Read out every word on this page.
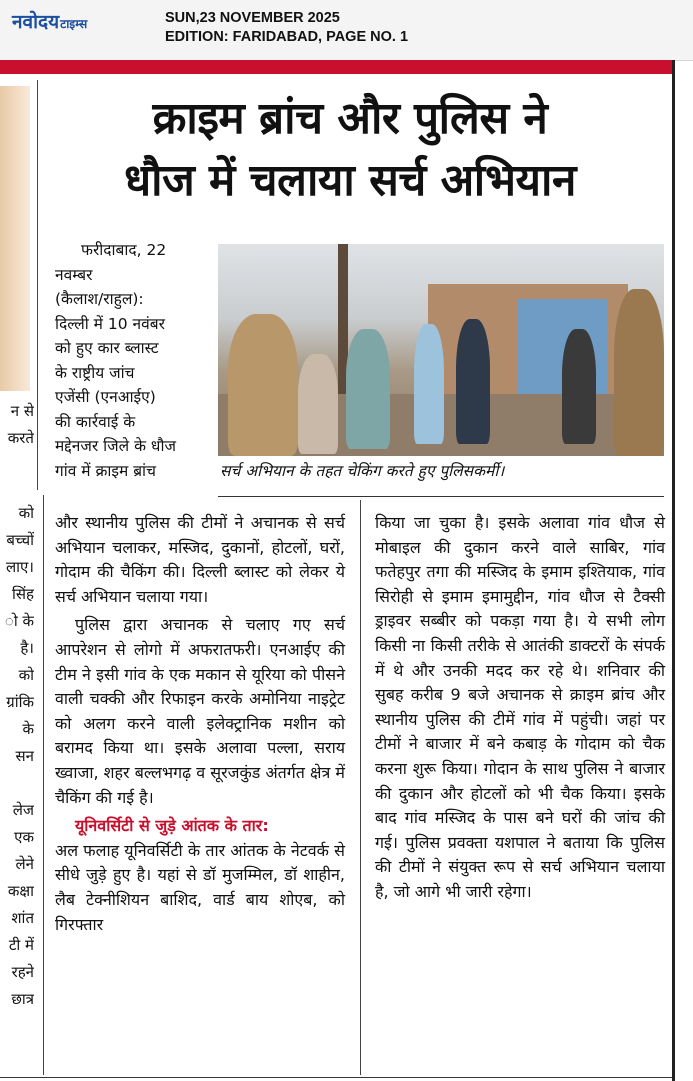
नवोदयटाइम्स	SUN,23 NOVEMBER 2025
EDITION: FARIDABAD, PAGE NO. 1
न से
करते
को
बच्चों
लाए।
सिंह
ो के
है।
को
ग्रांकि
के
सन
लेज
एक
लेने
कक्षा
शांत
टी में
रहने
छात्र
क्राइम ब्रांच और पुलिस ने
धौज में चलाया सर्च अभियान

फरीदाबाद, 22

नवम्बर

(कैलाश/राहुल):

दिल्ली में 10 नवंबर

को हुए कार ब्लास्ट

के राष्ट्रीय जांच

एजेंसी (एनआईए)

की कार्रवाई के

मद्देनजर जिले के धौज

गांव में क्राइम ब्रांच	सर्च अभियान के तहत चेकिंग करते हुए पुलिसकर्मी।

और स्थानीय पुलिस की टीमों ने अचानक से सर्च अभियान चलाकर, मस्जिद, दुकानों, होटलों, घरों, गोदाम की चैकिंग की। दिल्ली ब्लास्ट को लेकर ये सर्च अभियान चलाया गया।

पुलिस द्वारा अचानक से चलाए गए सर्च आपरेशन से लोगो में अफरातफरी। एनआईए की टीम ने इसी गांव के एक मकान से यूरिया को पीसने वाली चक्की और रिफाइन करके अमोनिया नाइट्रेट को अलग करने वाली इलेक्ट्रानिक मशीन को बरामद किया था। इसके अलावा पल्ला, सराय ख्वाजा, शहर बल्लभगढ़ व सूरजकुंड अंतर्गत क्षेत्र में चैकिंग की गई है।

यूनिवर्सिटी से जुड़े आंतक के तार:

अल फलाह यूनिवर्सिटी के तार आंतक के नेटवर्क से सीधे जुड़े हुए है। यहां से डॉ मुजम्मिल, डॉ शाहीन, लैब टेक्नीशियन बाशिद, वार्ड बाय शोएब, को गिरफ्तार

किया जा चुका है। इसके अलावा गांव धौज से मोबाइल की दुकान करने वाले साबिर, गांव फतेहपुर तगा की मस्जिद के इमाम इश्तियाक, गांव सिरोही से इमाम इमामुद्दीन, गांव धौज से टैक्सी ड्राइवर सब्बीर को पकड़ा गया है। ये सभी लोग किसी ना किसी तरीके से आतंकी डाक्टरों के संपर्क में थे और उनकी मदद कर रहे थे। शनिवार की सुबह करीब 9 बजे अचानक से क्राइम ब्रांच और स्थानीय पुलिस की टीमें गांव में पहुंची। जहां पर टीमों ने बाजार में बने कबाड़ के गोदाम को चैक करना शुरू किया। गोदान के साथ पुलिस ने बाजार की दुकान और होटलों को भी चैक किया। इसके बाद गांव मस्जिद के पास बने घरों की जांच की गई। पुलिस प्रवक्ता यशपाल ने बताया कि पुलिस की टीमों ने संयुक्त रूप से सर्च अभियान चलाया है, जो आगे भी जारी रहेगा।
